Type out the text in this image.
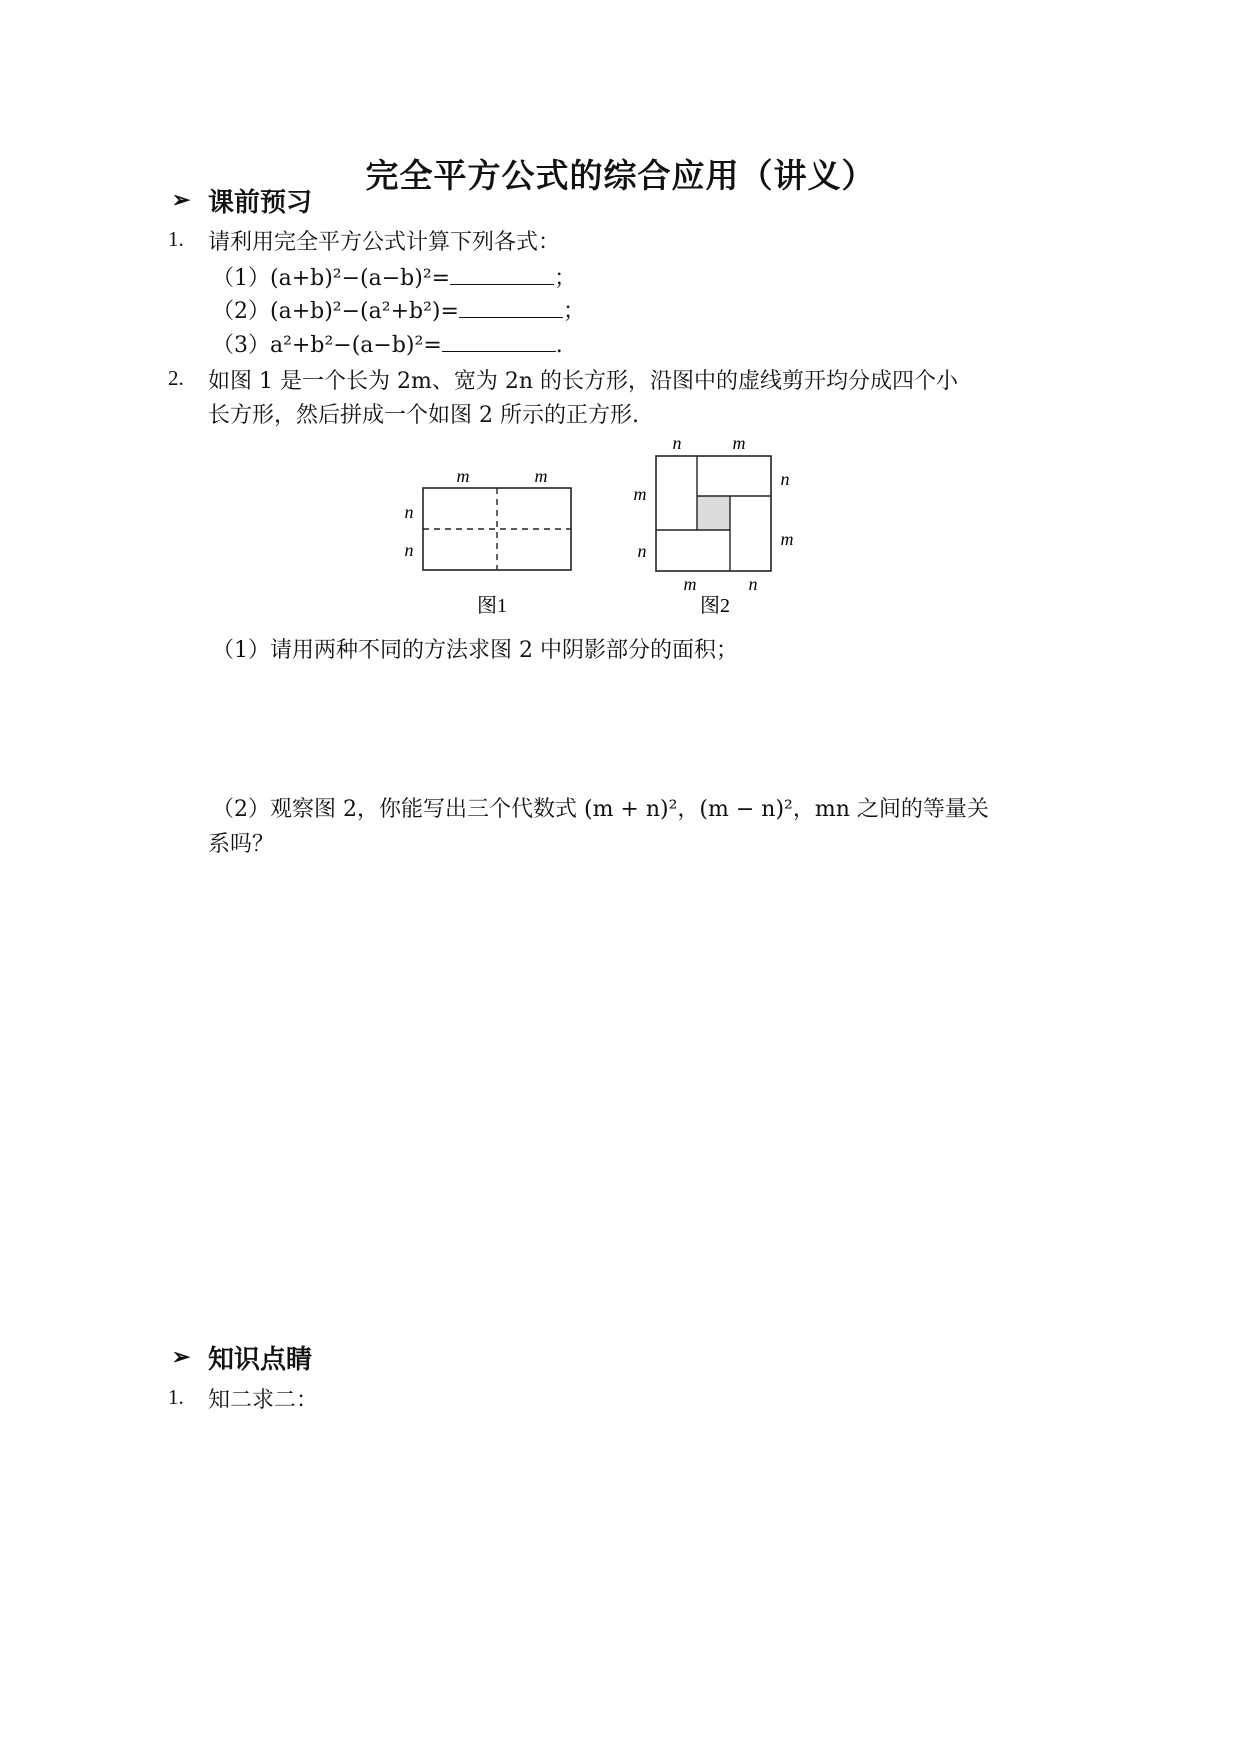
完全平方公式的综合应用（讲义）
➢ 课前预习
1. 请利用完全平方公式计算下列各式：
（1）(a+b)²−(a−b)²=	；
（2）(a+b)²−(a²+b²)=	；
（3）a²+b²−(a−b)²=	.
2. 如图 1 是一个长为 2m、宽为 2n 的长方形，沿图中的虚线剪开均分成四个小
长方形，然后拼成一个如图 2 所示的正方形.
m	m
n
n
图1
n	m
n
m
m
n
m	n
图2
（1）请用两种不同的方法求图 2 中阴影部分的面积；
（2）观察图 2，你能写出三个代数式 (m + n)²，(m − n)²，mn 之间的等量关
系吗？
➢ 知识点睛
1. 知二求二：
